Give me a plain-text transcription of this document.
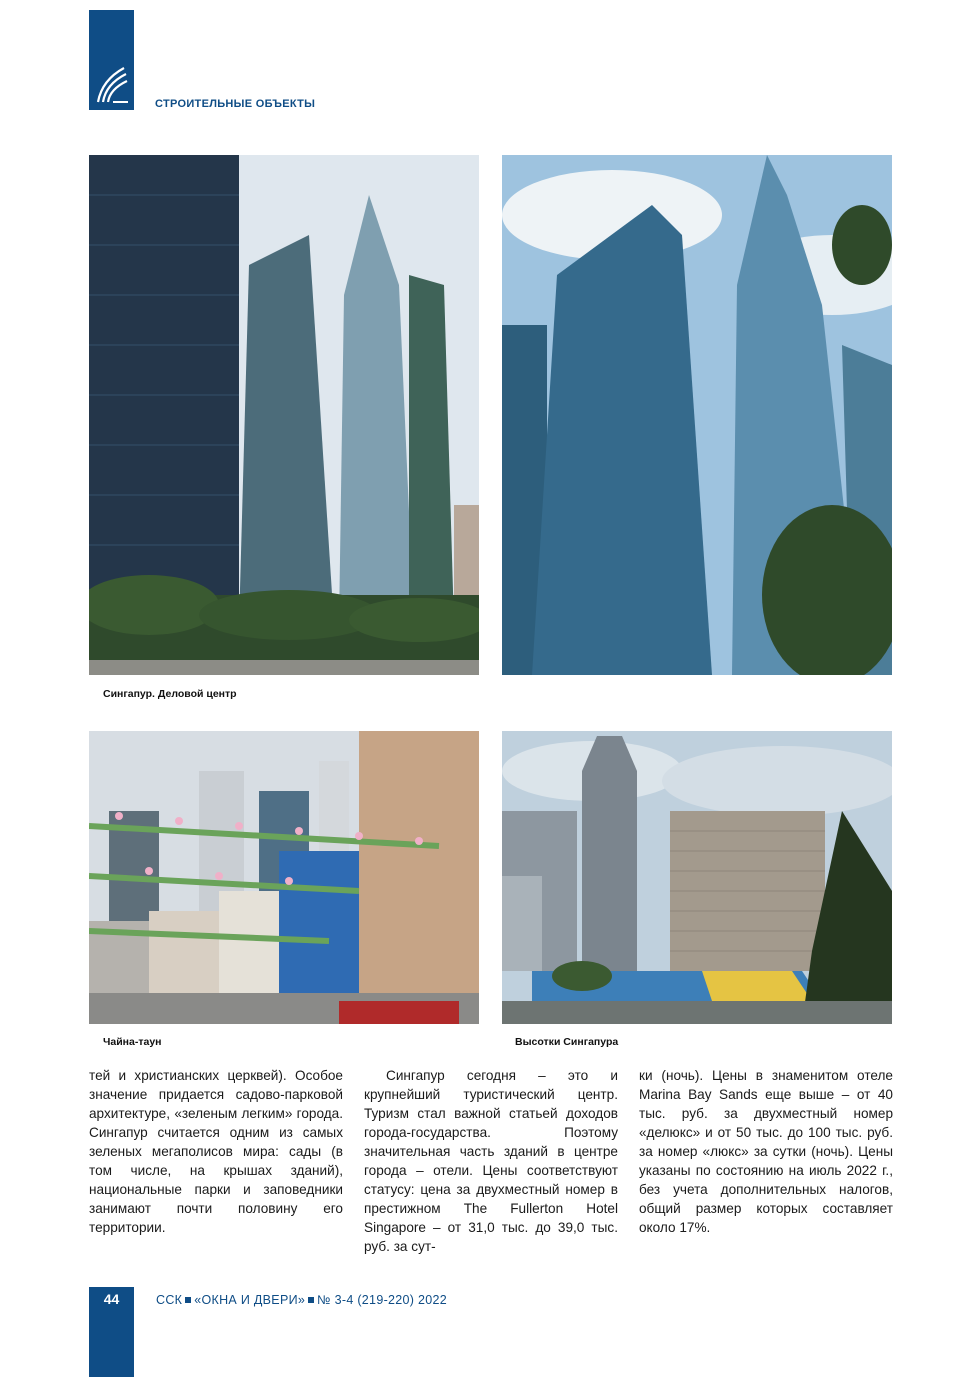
СТРОИТЕЛЬНЫЕ ОБЪЕКТЫ
Сингапур. Деловой центр
Чайна-таун	Высотки Сингапура

тей и христианских церквей). Особое значение придается садово-парковой архитектуре, «зеленым легким» города. Сингапур считается одним из самых зеленых мегаполисов мира: сады (в том числе, на крышах зданий), национальные парки и заповедники занимают почти половину его территории.

Сингапур сегодня – это и крупнейший туристический центр. Туризм стал важной статьей доходов города-государства. Поэтому значительная часть зданий в центре города – отели. Цены соответствуют статусу: цена за двухместный номер в престижном The Fullerton Hotel Singapore – от 31,0 тыс. до 39,0 тыс. руб. за сут-

ки (ночь). Цены в знаменитом отеле Marina Bay Sands еще выше – от 40 тыс. руб. за двухместный номер «делюкс» и от 50 тыс. до 100 тыс. руб. за номер «люкс» за сутки (ночь). Цены указаны по состоянию на июль 2022 г., без учета дополнительных налогов, общий размер которых составляет около 17%.

44	ССК «ОКНА И ДВЕРИ» № 3-4 (219-220) 2022
